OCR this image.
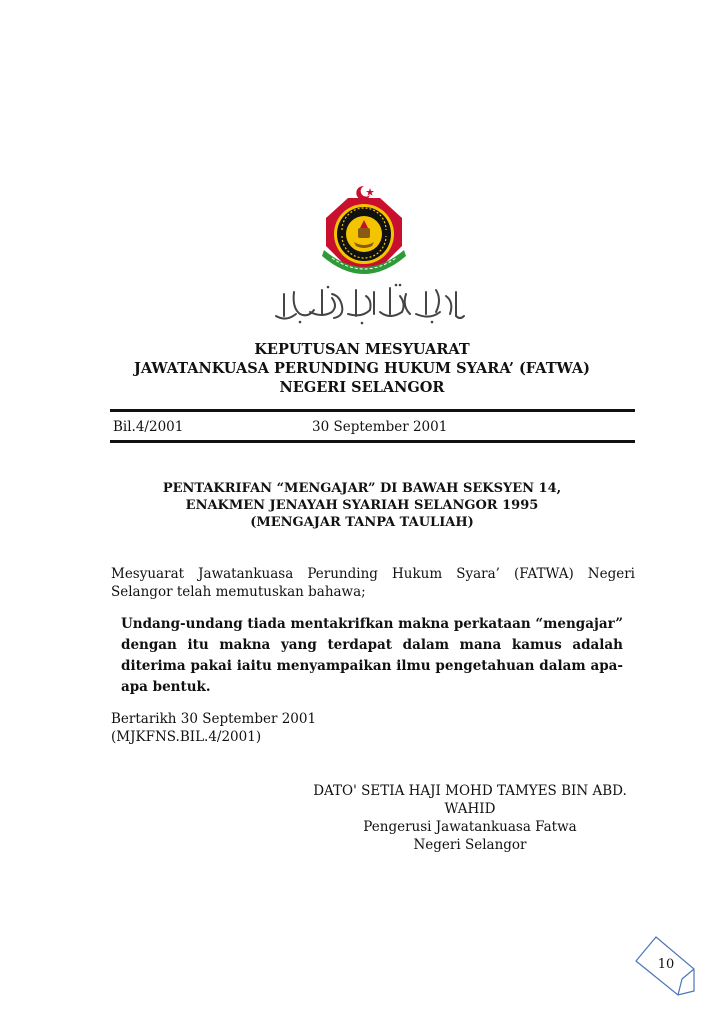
KEPUTUSAN MESYUARAT
JAWATANKUASA PERUNDING HUKUM SYARA’ (FATWA)
NEGERI SELANGOR
Bil.4/2001	30 September 2001
PENTAKRIFAN “MENGAJAR” DI BAWAH SEKSYEN 14,
ENAKMEN JENAYAH SYARIAH SELANGOR 1995
(MENGAJAR TANPA TAULIAH)
Mesyuarat Jawatankuasa Perunding Hukum Syara’ (FATWA) Negeri Selangor telah memutuskan bahawa;
Undang-undang tiada mentakrifkan makna perkataan “mengajar” dengan itu makna yang terdapat dalam mana kamus adalah diterima pakai iaitu menyampaikan ilmu pengetahuan dalam apa-apa bentuk.
Bertarikh 30 September 2001
(MJKFNS.BIL.4/2001)
DATO' SETIA HAJI MOHD TAMYES BIN ABD. WAHID
Pengerusi Jawatankuasa Fatwa
Negeri Selangor
10
